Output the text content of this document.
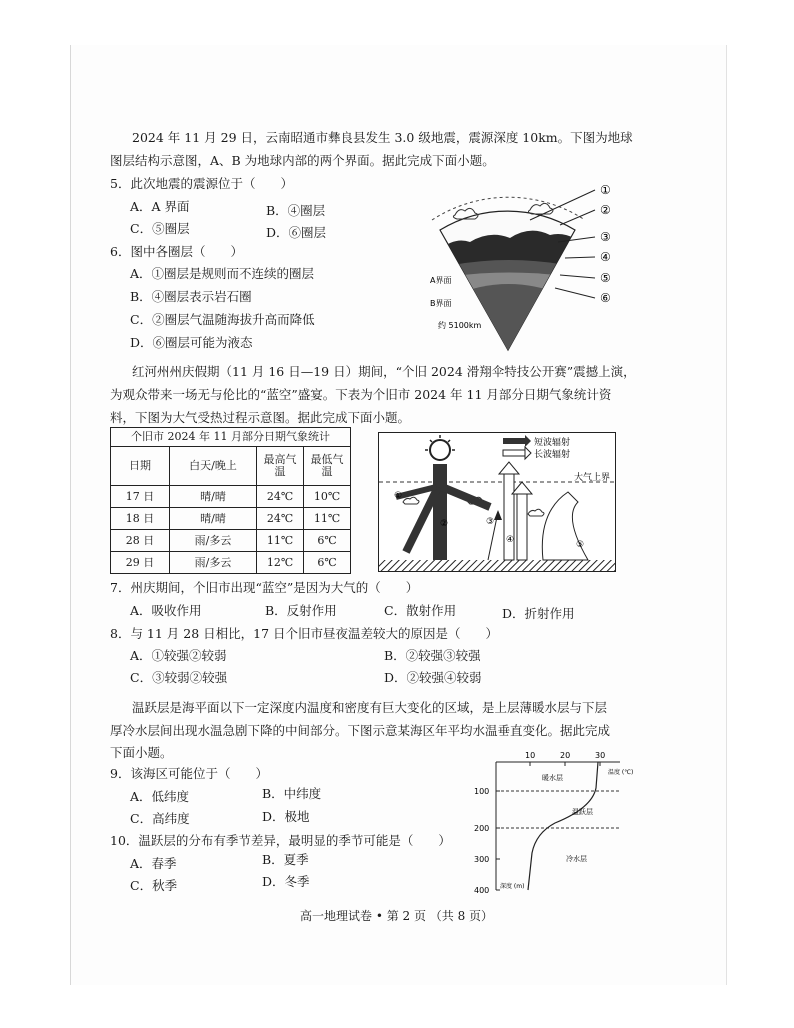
2024 年 11 月 29 日，云南昭通市彝良县发生 3.0 级地震，震源深度 10km。下图为地球
图层结构示意图，A、B 为地球内部的两个界面。据此完成下面小题。
5．此次地震的震源位于（　　）
A．A 界面	B．④圈层
C．⑤圈层	D．⑥圈层
6．图中各圈层（　　）
A．①圈层是规则而不连续的圈层
B．④圈层表示岩石圈
C．②圈层气温随海拔升高而降低
D．⑥圈层可能为液态
①
②
③
④
⑤
⑥
A界面
B界面
约 5100km
红河州州庆假期（11 月 16 日—19 日）期间，“个旧 2024 滑翔伞特技公开赛”震撼上演，
为观众带来一场无与伦比的“蓝空”盛宴。下表为个旧市 2024 年 11 月部分日期气象统计资
料，下图为大气受热过程示意图。据此完成下面小题。
个旧市 2024 年 11 月部分日期气象统计			
日期	白天/晚上	最高气温	最低气温
17 日	晴/晴	24℃	10℃
18 日	晴/晴	24℃	11℃
28 日	雨/多云	11℃	6℃
29 日	雨/多云	12℃	6℃
短波辐射
长波辐射
大气上界
①
②	③
④	⑤
7．州庆期间，个旧市出现“蓝空”是因为大气的（　　）
A．吸收作用	B．反射作用	C．散射作用	D．折射作用
8．与 11 月 28 日相比，17 日个旧市昼夜温差较大的原因是（　　）
A．①较强②较弱	B．②较强③较强
C．③较弱②较强	D．②较强④较弱
温跃层是海平面以下一定深度内温度和密度有巨大变化的区域，是上层薄暖水层与下层
厚冷水层间出现水温急剧下降的中间部分。下图示意某海区年平均水温垂直变化。据此完成
下面小题。
9．该海区可能位于（　　）
A．低纬度	B．中纬度
C．高纬度	D．极地
10．温跃层的分布有季节差异，最明显的季节可能是（　　）
A．春季	B．夏季
C．秋季	D．冬季
10	20	30
温度 (℃)
100
200
300
400 深度 (m)
暖水层
温跃层
冷水层
高一地理试卷 • 第 2 页 （共 8 页）
